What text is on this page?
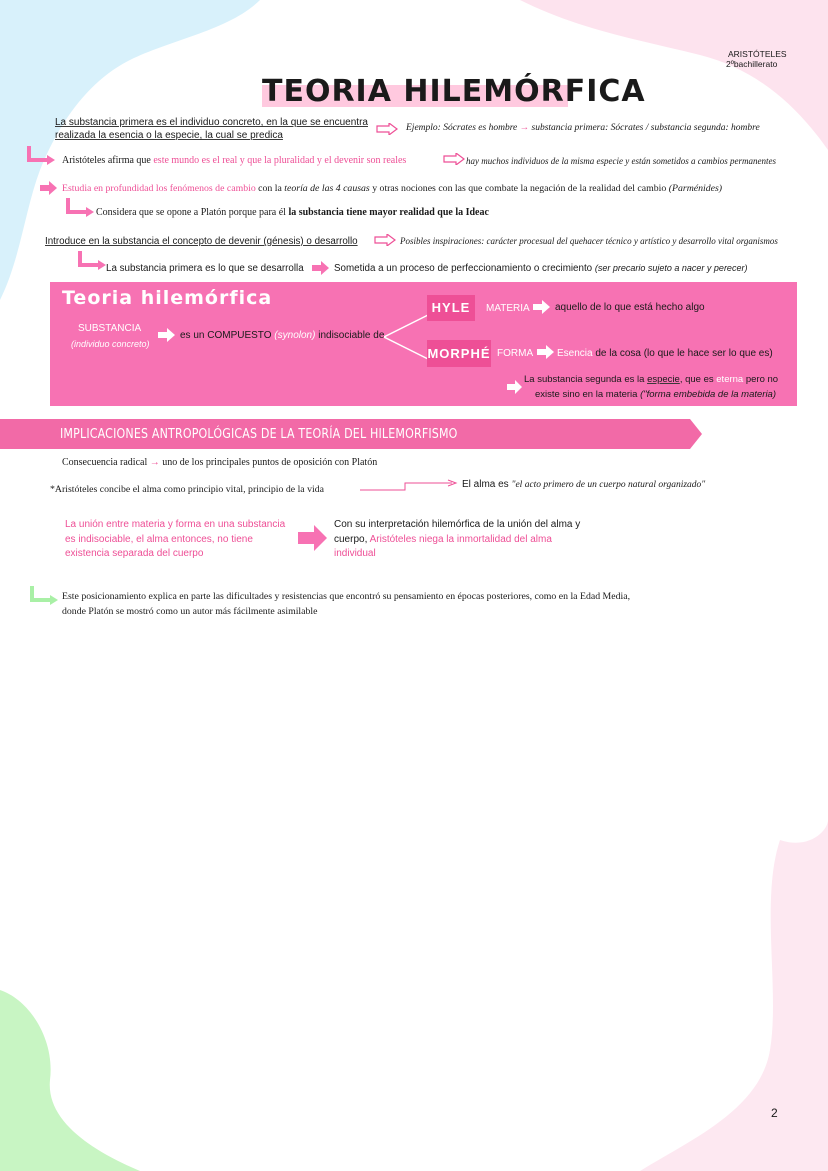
ARISTÓTELES
2ºbachillerato
TEORIA HILEMÓRFICA
La substancia primera es el individuo concreto, en la que se encuentra
realizada la esencia o la especie, la cual se predica
Ejemplo: Sócrates es hombre → substancia primera: Sócrates / substancia segunda: hombre
Aristóteles afirma que este mundo es el real y que la pluralidad y el devenir son reales	hay muchos individuos de la misma especie y están sometidos a cambios permanentes
Estudia en profundidad los fenómenos de cambio con la teoría de las 4 causas y otras nociones con las que combate la negación de la realidad del cambio (Parménides)
Considera que se opone a Platón porque para él la substancia tiene mayor realidad que la Ideac
Introduce en la substancia el concepto de devenir (génesis) o desarrollo	Posibles inspiraciones: carácter procesual del quehacer técnico y artístico y desarrollo vital organismos
La substancia primera es lo que se desarrolla	Sometida a un proceso de perfeccionamiento o crecimiento (ser precario sujeto a nacer y perecer)
Teoria hilemórfica
SUBSTANCIA
(individuo concreto)
es un COMPUESTO (synolon) indisociable de
HYLE	MATERIA	aquello de lo que está hecho algo
MORPHÉ FORMA Esencia de la cosa (lo que le hace ser lo que es)
La substancia segunda es la especie, que es eterna pero no
existe sino en la materia ("forma embebida de la materia)
IMPLICACIONES ANTROPOLÓGICAS DE LA TEORÍA DEL HILEMORFISMO
Consecuencia radical → uno de los principales puntos de oposición con Platón
*Aristóteles concibe el alma como principio vital, principio de la vida	El alma es "el acto primero de un cuerpo natural organizado"
La unión entre materia y forma en una substancia
es indisociable, el alma entonces, no tiene
existencia separada del cuerpo
Con su interpretación hilemórfica de la unión del alma y
cuerpo, Aristóteles niega la inmortalidad del alma
individual
Este posicionamiento explica en parte las dificultades y resistencias que encontró su pensamiento en épocas posteriores, como en la Edad Media,
donde Platón se mostró como un autor más fácilmente asimilable
2
